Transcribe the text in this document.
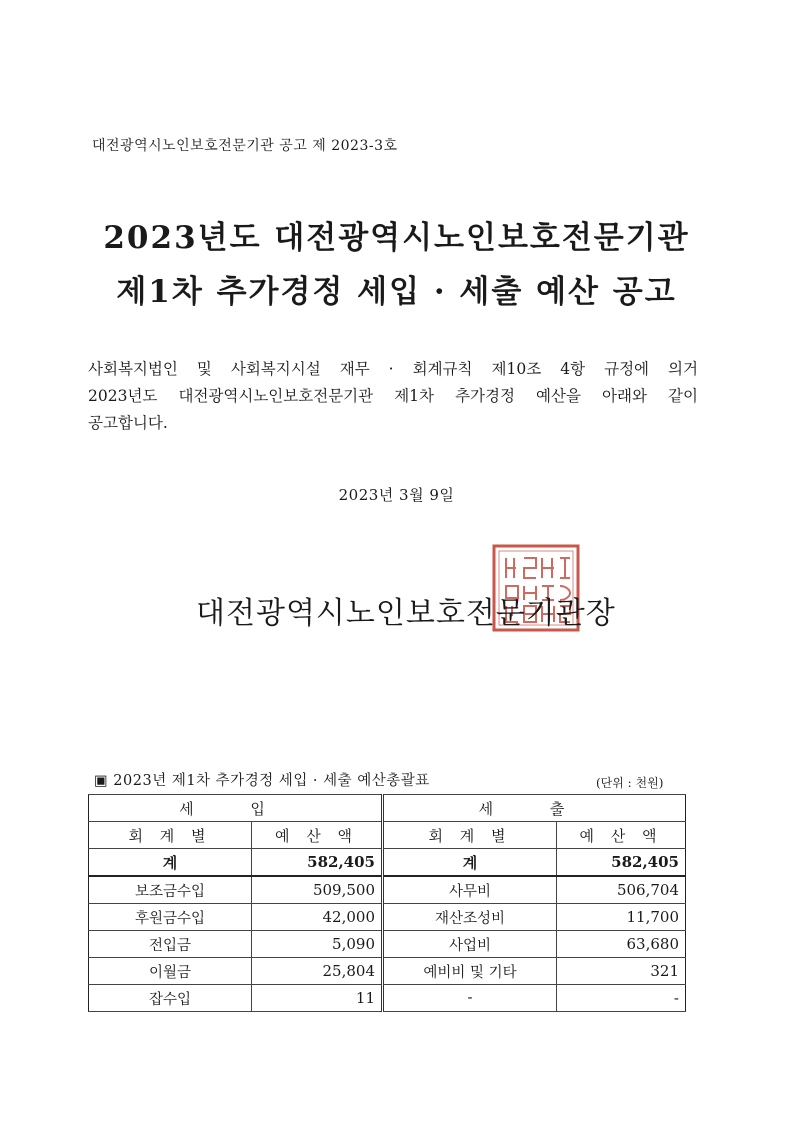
대전광역시노인보호전문기관 공고 제 2023-3호
2023년도 대전광역시노인보호전문기관
제1차 추가경정 세입 · 세출 예산 공고
사회복지법인 및 사회복지시설 재무 · 회계규칙 제10조 4항 규정에 의거
2023년도 대전광역시노인보호전문기관 제1차 추가경정 예산을 아래와 같이
공고합니다.
2023년 3월 9일
대전광역시노인보호전문기관장
▣ 2023년 제1차 추가경정 세입 · 세출 예산총괄표	(단위 : 천원)
세 입		세 출	
회 계 별	예 산 액	회 계 별	예 산 액
계	582,405	계	582,405
보조금수입	509,500	사무비	506,704
후원금수입	42,000	재산조성비	11,700
전입금	5,090	사업비	63,680
이월금	25,804	예비비 및 기타	321
잡수입	11	-	-
